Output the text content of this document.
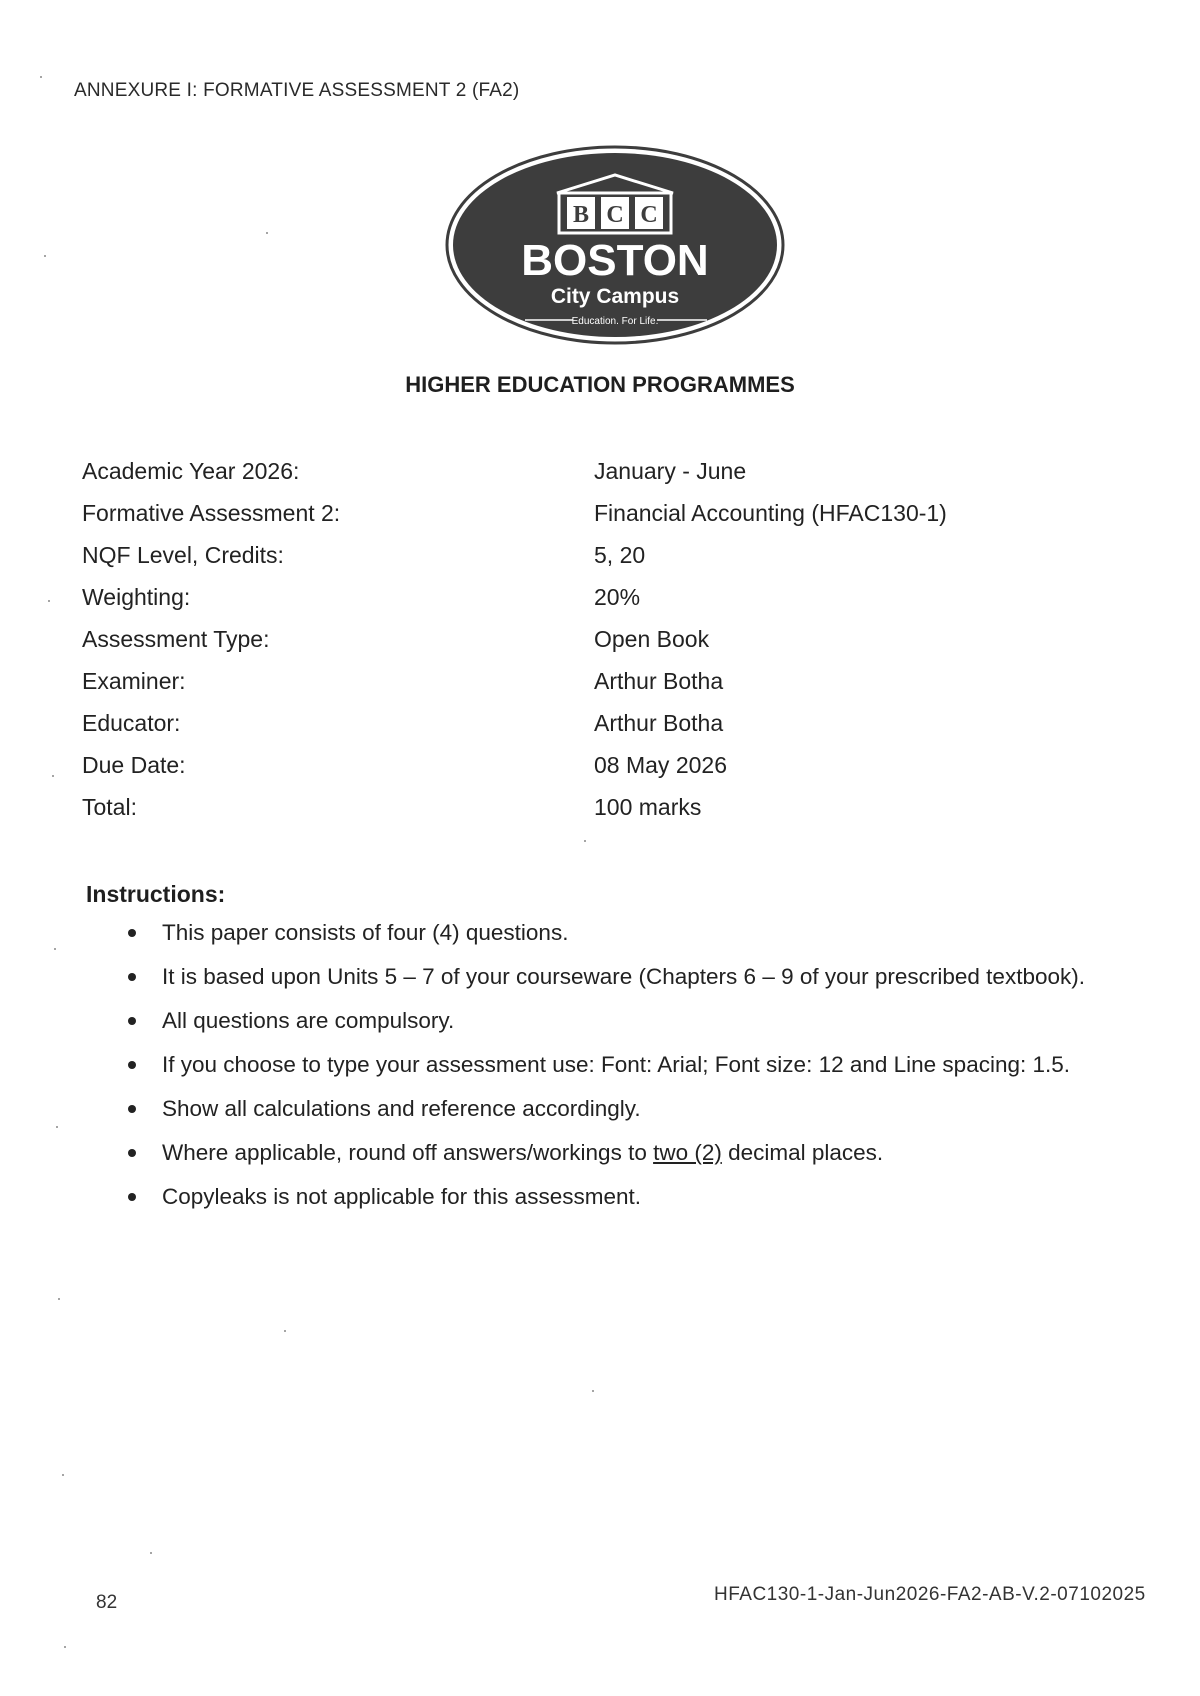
ANNEXURE I: FORMATIVE ASSESSMENT 2 (FA2)
B C C
BOSTON
City Campus
Education. For Life.
HIGHER EDUCATION PROGRAMMES
Academic Year 2026:	January - June
Formative Assessment 2:	Financial Accounting (HFAC130-1)
NQF Level, Credits:	5, 20
Weighting:	20%
Assessment Type:	Open Book
Examiner:	Arthur Botha
Educator:	Arthur Botha
Due Date:	08 May 2026
Total:	100 marks
Instructions:
This paper consists of four (4) questions.
It is based upon Units 5 – 7 of your courseware (Chapters 6 – 9 of your prescribed textbook).
All questions are compulsory.
If you choose to type your assessment use: Font: Arial; Font size: 12 and Line spacing: 1.5.
Show all calculations and reference accordingly.
Where applicable, round off answers/workings to two (2) decimal places.
Copyleaks is not applicable for this assessment.
82	HFAC130-1-Jan-Jun2026-FA2-AB-V.2-07102025
